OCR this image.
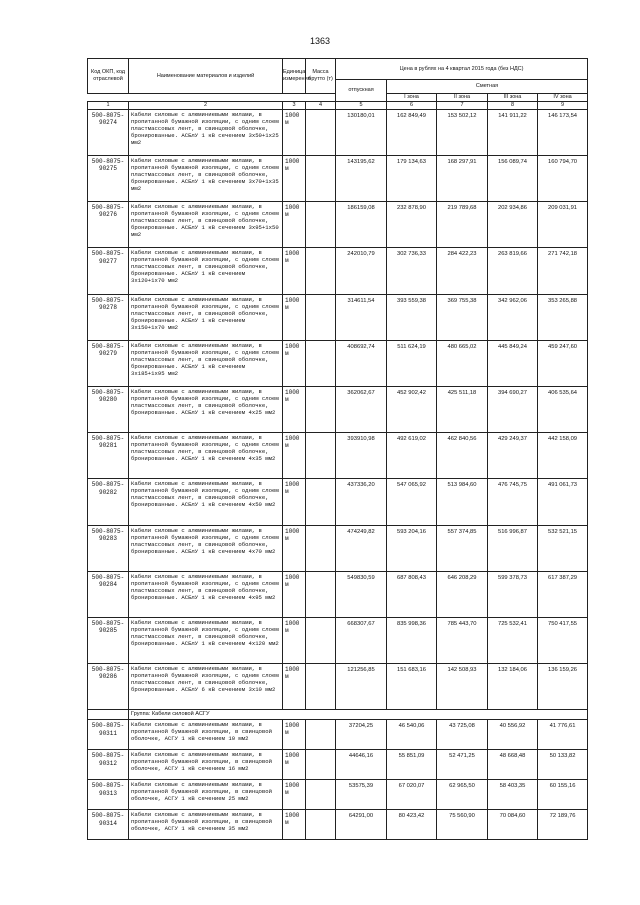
1363
Код ОКП, код отраслевой	Наименование материалов и изделий	Единица измерения	Масса брутто (т)	Цена в рублях на 4 квартал 2015 года (без НДС)				

				отпускная	Сметная			
					I зона	II зона	III зона	IV зона
1	2	3	4	5	6	7	8	9
500-8075-90274	Кабели силовые с алюминиевыми жилами, в пропитанной бумажной изоляции, с одним слоем пластмассовых лент, в свинцовой оболочке, бронированные. АСБлУ 1 кВ сечением 3х50+1х25 мм2	1000 м		130180,01	162 849,49	153 502,12	141 911,22	146 173,54
500-8075-90275	Кабели силовые с алюминиевыми жилами, в пропитанной бумажной изоляции, с одним слоем пластмассовых лент, в свинцовой оболочке, бронированные. АСБлУ 1 кВ сечением 3х70+1х35 мм2	1000 м		143195,62	179 134,63	168 297,91	156 089,74	160 794,70
500-8075-90276	Кабели силовые с алюминиевыми жилами, в пропитанной бумажной изоляции, с одним слоем пластмассовых лент, в свинцовой оболочке, бронированные. АСБлУ 1 кВ сечением 3х95+1х50 мм2	1000 м		186159,08	232 878,90	219 789,68	202 934,86	209 031,91
500-8075-90277	Кабели силовые с алюминиевыми жилами, в пропитанной бумажной изоляции, с одним слоем пластмассовых лент, в свинцовой оболочке, бронированные. АСБлУ 1 кВ сечением 3х120+1х70 мм2	1000 м		242010,79	302 736,33	284 422,23	263 819,66	271 742,18
500-8075-90278	Кабели силовые с алюминиевыми жилами, в пропитанной бумажной изоляции, с одним слоем пластмассовых лент, в свинцовой оболочке, бронированные. АСБлУ 1 кВ сечением 3х150+1х70 мм2	1000 м		314611,54	393 559,38	369 755,38	342 962,06	353 265,88
500-8075-90279	Кабели силовые с алюминиевыми жилами, в пропитанной бумажной изоляции, с одним слоем пластмассовых лент, в свинцовой оболочке, бронированные. АСБлУ 1 кВ сечением 3х185+1х95 мм2	1000 м		408692,74	511 624,19	480 665,02	445 849,24	459 247,60
500-8075-90280	Кабели силовые с алюминиевыми жилами, в пропитанной бумажной изоляции, с одним слоем пластмассовых лент, в свинцовой оболочке, бронированные. АСБлУ 1 кВ сечением 4х25 мм2	1000 м		362062,67	452 902,42	425 511,18	394 690,27	406 535,64
500-8075-90281	Кабели силовые с алюминиевыми жилами, в пропитанной бумажной изоляции, с одним слоем пластмассовых лент, в свинцовой оболочке, бронированные. АСБлУ 1 кВ сечением 4х35 мм2	1000 м		393910,98	492 619,02	462 840,56	429 249,37	442 158,09
500-8075-90282	Кабели силовые с алюминиевыми жилами, в пропитанной бумажной изоляции, с одним слоем пластмассовых лент, в свинцовой оболочке, бронированные. АСБлУ 1 кВ сечением 4х50 мм2	1000 м		437336,20	547 065,92	513 984,60	476 745,75	491 061,73
500-8075-90283	Кабели силовые с алюминиевыми жилами, в пропитанной бумажной изоляции, с одним слоем пластмассовых лент, в свинцовой оболочке, бронированные. АСБлУ 1 кВ сечением 4х70 мм2	1000 м		474249,82	593 204,16	557 374,85	516 996,87	532 521,15
500-8075-90284	Кабели силовые с алюминиевыми жилами, в пропитанной бумажной изоляции, с одним слоем пластмассовых лент, в свинцовой оболочке, бронированные. АСБлУ 1 кВ сечением 4х95 мм2	1000 м		549830,59	687 808,43	646 208,29	599 378,73	617 387,29
500-8075-90285	Кабели силовые с алюминиевыми жилами, в пропитанной бумажной изоляции, с одним слоем пластмассовых лент, в свинцовой оболочке, бронированные. АСБлУ 1 кВ сечением 4х120 мм2	1000 м		668307,67	835 998,36	785 443,70	725 532,41	750 417,55
500-8075-90286	Кабели силовые с алюминиевыми жилами, в пропитанной бумажной изоляции, с одним слоем пластмассовых лент, в свинцовой оболочке, бронированные. АСБлУ 6 кВ сечением 3х10 мм2	1000 м		121256,85	151 683,16	142 508,93	132 184,06	136 159,26
	Группа: Кабели силовой АСГУ							
500-8075-90311	Кабели силовые с алюминиевыми жилами, в пропитанной бумажной изоляции, в свинцовой оболочке, АСГУ 1 кВ сечением 10 мм2	1000 м		37204,25	46 540,06	43 725,08	40 556,92	41 776,61
500-8075-90312	Кабели силовые с алюминиевыми жилами, в пропитанной бумажной изоляции, в свинцовой оболочке, АСГУ 1 кВ сечением 16 мм2	1000 м		44646,16	55 851,09	52 471,25	48 668,48	50 133,82
500-8075-90313	Кабели силовые с алюминиевыми жилами, в пропитанной бумажной изоляции, в свинцовой оболочке, АСГУ 1 кВ сечением 25 мм2	1000 м		53575,39	67 020,07	62 965,50	58 403,35	60 155,16
500-8075-90314	Кабели силовые с алюминиевыми жилами, в пропитанной бумажной изоляции, в свинцовой оболочке, АСГУ 1 кВ сечением 35 мм2	1000 м		64291,00	80 423,42	75 560,90	70 084,60	72 189,76
